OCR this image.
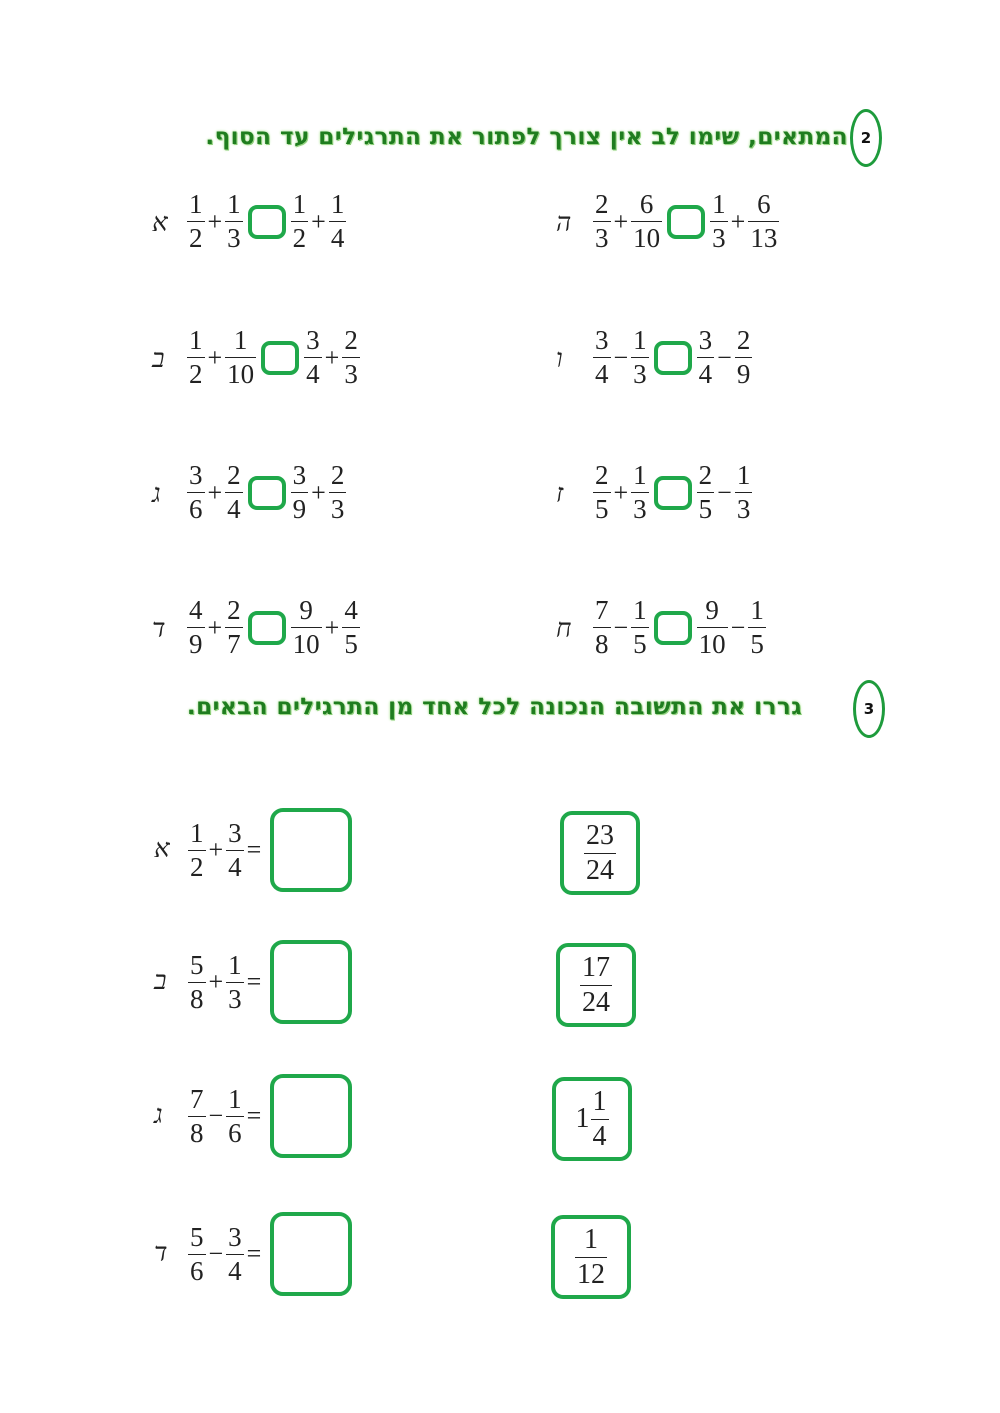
2
המתאים, שימו לב אין צורך לפתור את התרגילים עד הסוף.
א $\frac{1}{2} + \frac{1}{3} \frac{1}{2} + \frac{1}{4}$
ב $\frac{1}{2} + \frac{1}{10} \frac{3}{4} + \frac{2}{3}$
ג $\frac{3}{6} + \frac{2}{4} \frac{3}{9} + \frac{2}{3}$
ד $\frac{4}{9} + \frac{2}{7} \frac{9}{10} + \frac{4}{5}$
ה $\frac{2}{3} + \frac{6}{10} \frac{1}{3} + \frac{6}{13}$
ו $\frac{3}{4} - \frac{1}{3} \frac{3}{4} - \frac{2}{9}$
ז $\frac{2}{5} + \frac{1}{3} \frac{2}{5} - \frac{1}{3}$
ח $\frac{7}{8} - \frac{1}{5} \frac{9}{10} - \frac{1}{5}$
3
גררו את התשובה הנכונה לכל אחד מן התרגילים הבאים.
א $\frac{1}{2} + \frac{3}{4}$ =
ב $\frac{5}{8} + \frac{1}{3}$ =
ג $\frac{7}{8} - \frac{1}{6}$ =
ד $\frac{5}{6} - \frac{3}{4}$ =
$\frac{23}{24}$
$\frac{17}{24}$
$1 \frac{1}{4}$
$\frac{1}{12}$
